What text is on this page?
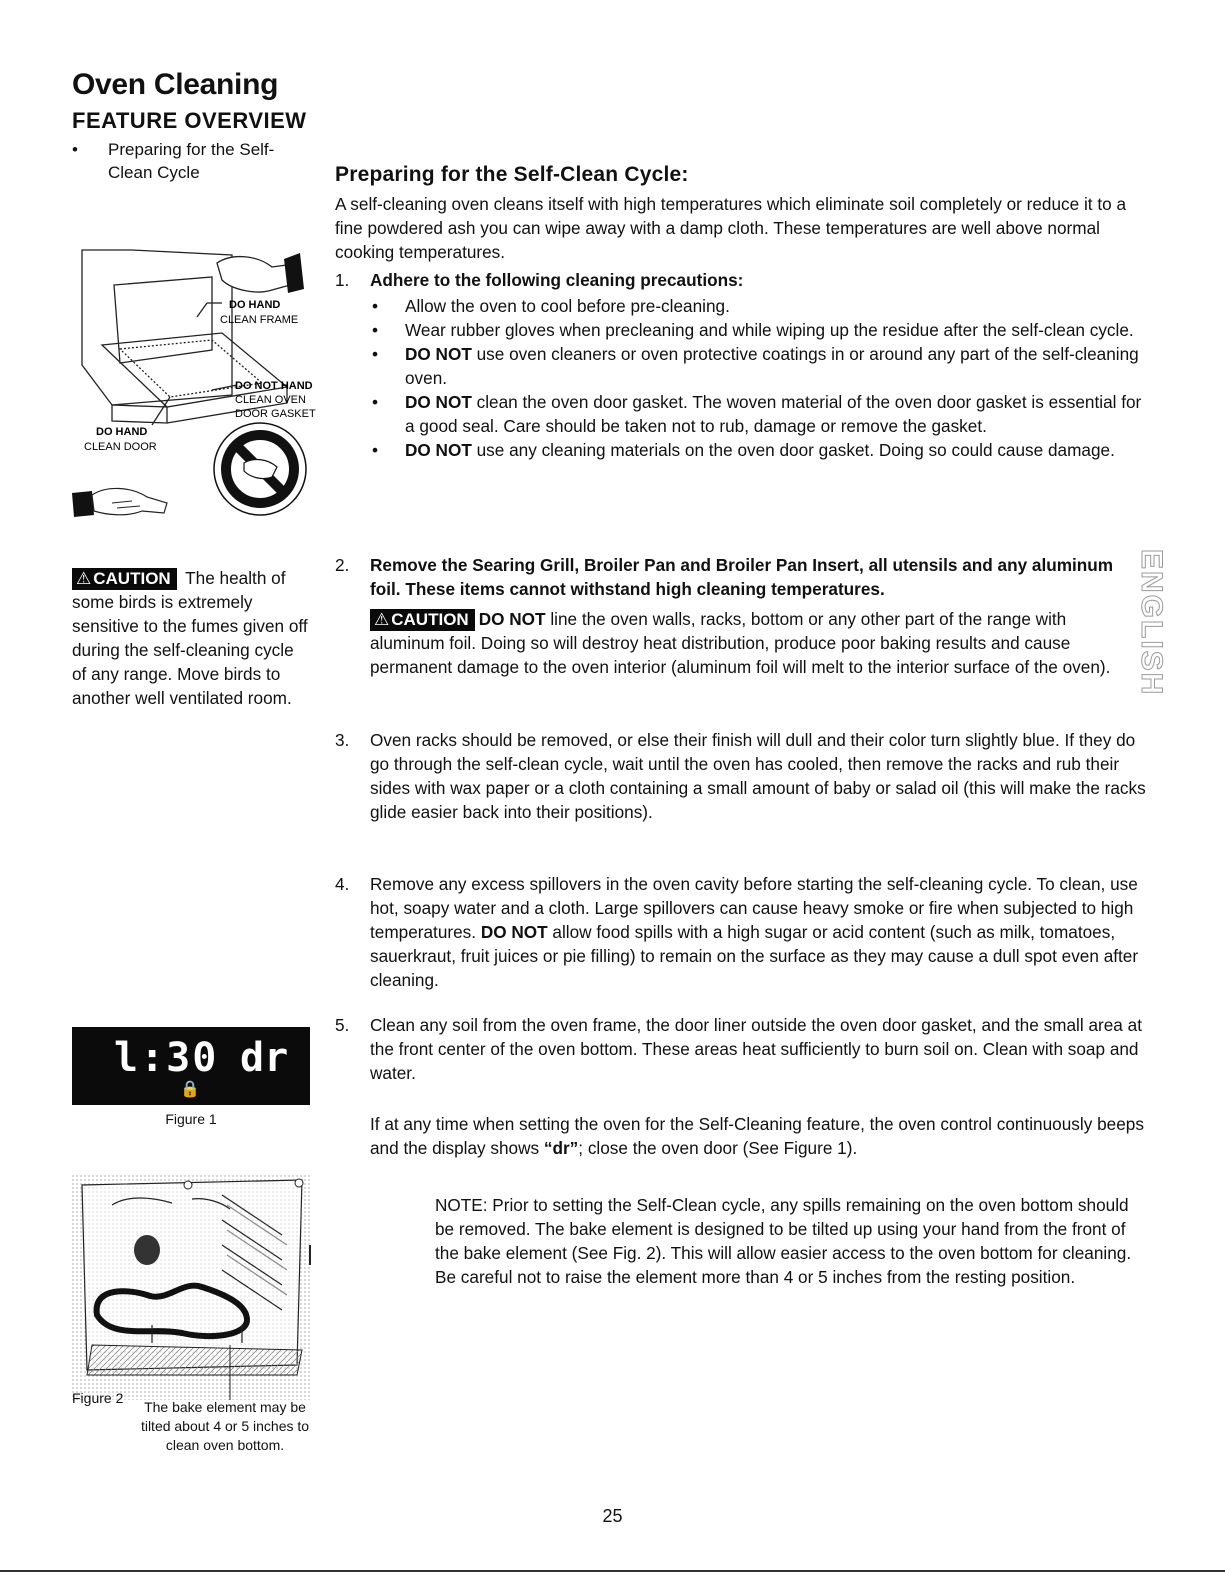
Oven Cleaning
FEATURE OVERVIEW
• Preparing for the Self-Clean Cycle
DO HAND
CLEAN FRAME
DO NOT HAND
CLEAN OVEN
DOOR GASKET
DO HAND
CLEAN DOOR

⚠ CAUTION The health of some birds is extremely sensitive to the fumes given off during the self-cleaning cycle of any range. Move birds to another well ventilated room.

l:30 dr
🔒
Figure 1
Figure 2
The bake element may be tilted about 4 or 5 inches to clean oven bottom.
Preparing for the Self-Clean Cycle:

A self-cleaning oven cleans itself with high temperatures which eliminate soil completely or reduce it to a fine powdered ash you can wipe away with a damp cloth. These temperatures are well above normal cooking temperatures.

1. Adhere to the following cleaning precautions:
• Allow the oven to cool before pre-cleaning.
• Wear rubber gloves when precleaning and while wiping up the residue after the self-clean cycle.
• DO NOT use oven cleaners or oven protective coatings in or around any part of the self-cleaning oven.
• DO NOT clean the oven door gasket. The woven material of the oven door gasket is essential for a good seal. Care should be taken not to rub, damage or remove the gasket.
• DO NOT use any cleaning materials on the oven door gasket. Doing so could cause damage.
2. Remove the Searing Grill, Broiler Pan and Broiler Pan Insert, all utensils and any aluminum foil. These items cannot withstand high cleaning temperatures.
⚠ CAUTION DO NOT line the oven walls, racks, bottom or any other part of the range with aluminum foil. Doing so will destroy heat distribution, produce poor baking results and cause permanent damage to the oven interior (aluminum foil will melt to the interior surface of the oven).
3. Oven racks should be removed, or else their finish will dull and their color turn slightly blue. If they do go through the self-clean cycle, wait until the oven has cooled, then remove the racks and rub their sides with wax paper or a cloth containing a small amount of baby or salad oil (this will make the racks glide easier back into their positions).
4. Remove any excess spillovers in the oven cavity before starting the self-cleaning cycle. To clean, use hot, soapy water and a cloth. Large spillovers can cause heavy smoke or fire when subjected to high temperatures. DO NOT allow food spills with a high sugar or acid content (such as milk, tomatoes, sauerkraut, fruit juices or pie filling) to remain on the surface as they may cause a dull spot even after cleaning.
5. Clean any soil from the oven frame, the door liner outside the oven door gasket, and the small area at the front center of the oven bottom. These areas heat sufficiently to burn soil on. Clean with soap and water.

If at any time when setting the oven for the Self-Cleaning feature, the oven control continuously beeps and the display shows “dr”; close the oven door (See Figure 1).

NOTE: Prior to setting the Self-Clean cycle, any spills remaining on the oven bottom should be removed. The bake element is designed to be tilted up using your hand from the front of the bake element (See Fig. 2). This will allow easier access to the oven bottom for cleaning. Be careful not to raise the element more than 4 or 5 inches from the resting position.

ENGLISH
25
